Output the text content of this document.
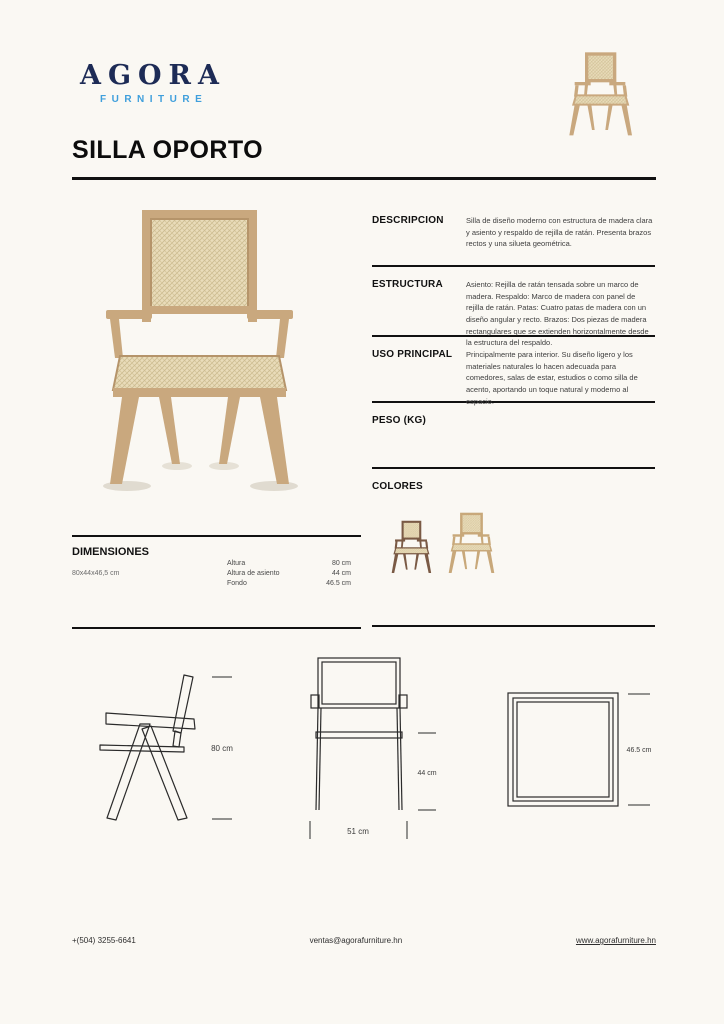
AGORA
FURNITURE
SILLA OPORTO
DESCRIPCION	Silla de diseño moderno con estructura de madera clara y asiento y respaldo de rejilla de ratán. Presenta brazos rectos y una silueta geométrica.
ESTRUCTURA	Asiento: Rejilla de ratán tensada sobre un marco de madera. Respaldo: Marco de madera con panel de rejilla de ratán. Patas: Cuatro patas de madera con un diseño angular y recto. Brazos: Dos piezas de madera rectangulares que se extienden horizontalmente desde la estructura del respaldo.
USO PRINCIPAL	Principalmente para interior. Su diseño ligero y los materiales naturales lo hacen adecuada para comedores, salas de estar, estudios o como silla de acento, aportando un toque natural y moderno al espacio.
PESO (KG)
COLORES
DIMENSIONES
80x44x46,5 cm
Altura	80 cm
Altura de asiento	44 cm
Fondo	46.5 cm
80 cm
44 cm
51 cm
46.5 cm
+(504) 3255-6641	ventas@agorafurniture.hn	www.agorafurniture.hn
